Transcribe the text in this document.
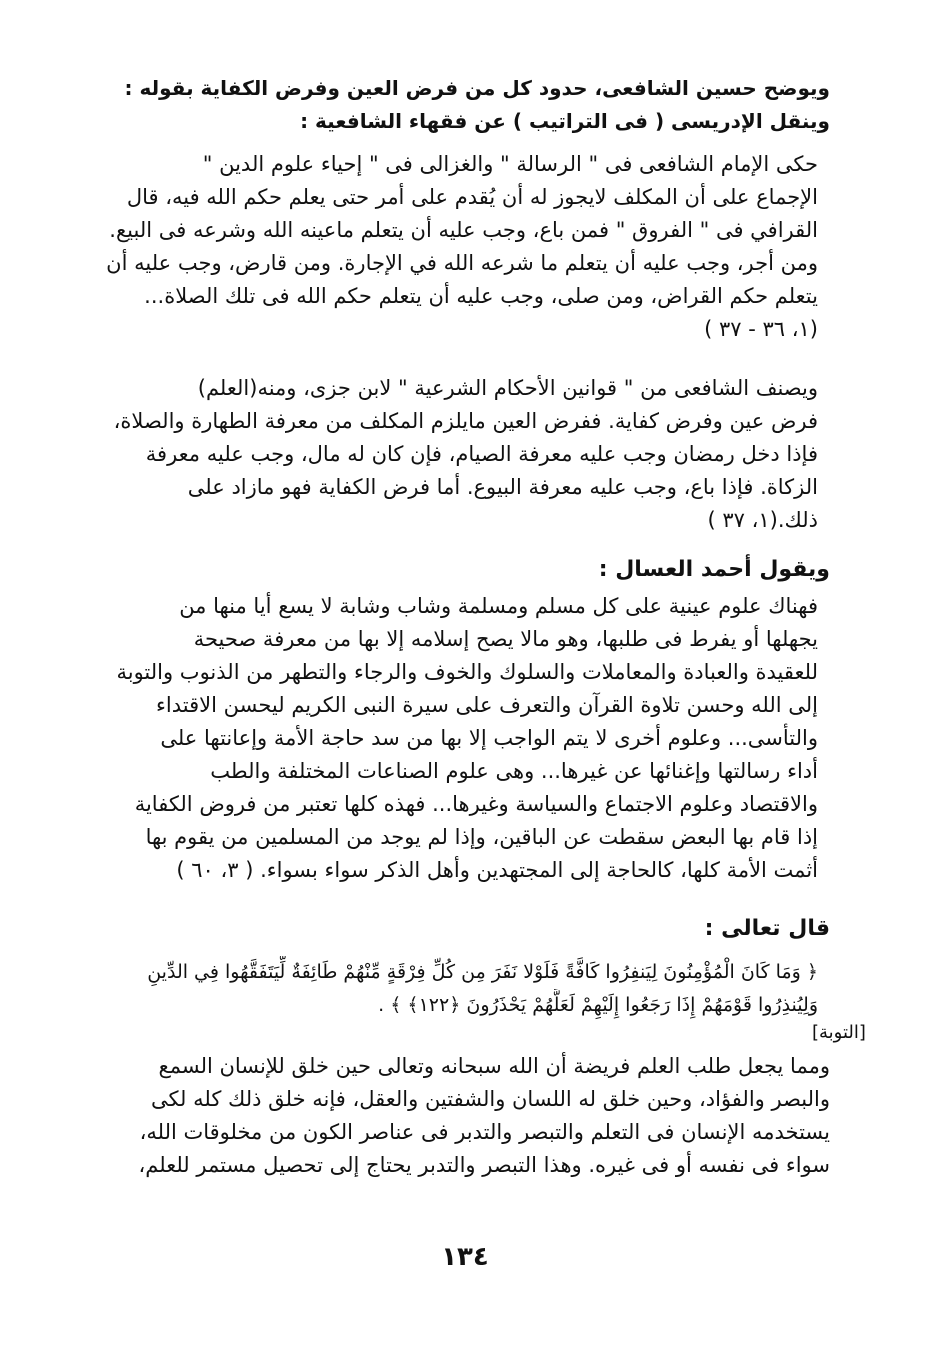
ويوضح حسين الشافعى، حدود كل من فرض العين وفرض الكفاية بقوله :
وينقل الإدريسى ( فى التراتيب ) عن فقهاء الشافعية :
حكى الإمام الشافعى فى " الرسالة " والغزالى فى " إحياء علوم الدين "
الإجماع على أن المكلف لايجوز له أن يُقدم على أمر حتى يعلم حكم الله فيه، قال
القرافي فى " الفروق " فمن باع، وجب عليه أن يتعلم ماعينه الله وشرعه فى البيع.
ومن أجر، وجب عليه أن يتعلم ما شرعه الله في الإجارة. ومن قارض، وجب عليه أن
يتعلم حكم القراض، ومن صلى، وجب عليه أن يتعلم حكم الله فى تلك الصلاة...
(١، ٣٦ - ٣٧ )
ويصنف الشافعى من " قوانين الأحكام الشرعية " لابن جزى، ومنه(العلم)
فرض عين وفرض كفاية. ففرض العين مايلزم المكلف من معرفة الطهارة والصلاة،
فإذا دخل رمضان وجب عليه معرفة الصيام، فإن كان له مال، وجب عليه معرفة
الزكاة. فإذا باع، وجب عليه معرفة البيوع. أما فرض الكفاية فهو مازاد على
ذلك.(١، ٣٧ )
ويقول أحمد العسال :
فهناك علوم عينية على كل مسلم ومسلمة وشاب وشابة لا يسع أيا منها من
يجهلها أو يفرط فى طلبها، وهو مالا يصح إسلامه إلا بها من معرفة صحيحة
للعقيدة والعبادة والمعاملات والسلوك والخوف والرجاء والتطهر من الذنوب والتوبة
إلى الله وحسن تلاوة القرآن والتعرف على سيرة النبى الكريم ليحسن الاقتداء
والتأسى... وعلوم أخرى لا يتم الواجب إلا بها من سد حاجة الأمة وإعانتها على
أداء رسالتها وإغنائها عن غيرها... وهى علوم الصناعات المختلفة والطب
والاقتصاد وعلوم الاجتماع والسياسة وغيرها... فهذه كلها تعتبر من فروض الكفاية
إذا قام بها البعض سقطت عن الباقين، وإذا لم يوجد من المسلمين من يقوم بها
أثمت الأمة كلها، كالحاجة إلى المجتهدين وأهل الذكر سواء بسواء. ( ٣، ٦٠ )
قال تعالى :
﴿ وَمَا كَانَ الْمُؤْمِنُونَ لِيَنفِرُوا كَافَّةً فَلَوْلا نَفَرَ مِن كُلِّ فِرْقَةٍ مِّنْهُمْ طَائِفَةٌ لِّيَتَفَقَّهُوا فِي الدِّينِ
وَلِيُنذِرُوا قَوْمَهُمْ إِذَا رَجَعُوا إِلَيْهِمْ لَعَلَّهُمْ يَحْذَرُونَ ﴿١٢٢﴾ ﴾ .
[التوبة]
ومما يجعل طلب العلم فريضة أن الله سبحانه وتعالى حين خلق للإنسان السمع
والبصر والفؤاد، وحين خلق له اللسان والشفتين والعقل، فإنه خلق ذلك كله لكى
يستخدمه الإنسان فى التعلم والتبصر والتدبر فى عناصر الكون من مخلوقات الله،
سواء فى نفسه أو فى غيره. وهذا التبصر والتدبر يحتاج إلى تحصيل مستمر للعلم،
١٣٤
